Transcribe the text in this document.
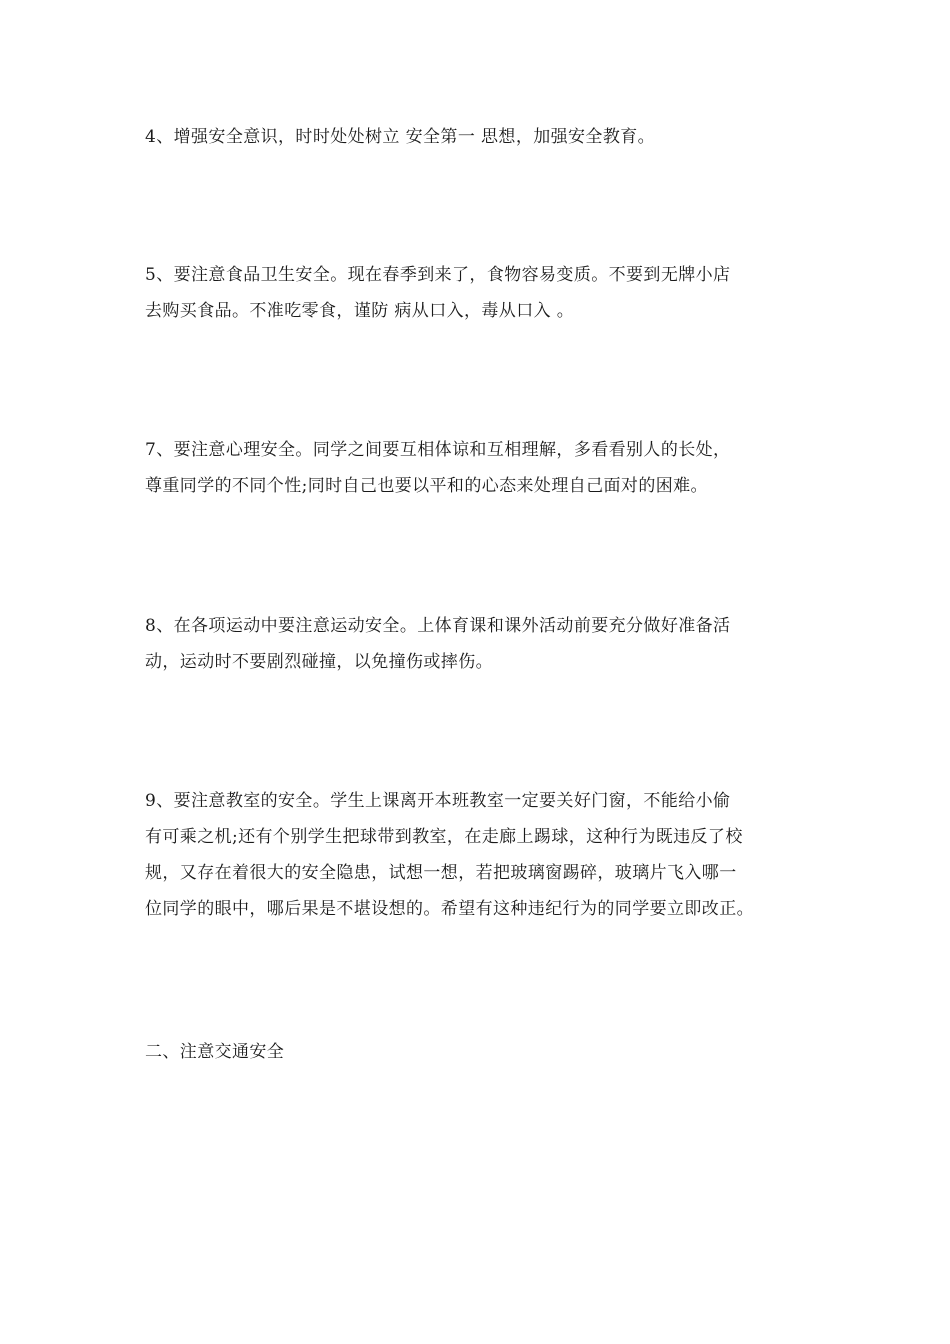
4、增强安全意识，时时处处树立 安全第一 思想，加强安全教育。

5、要注意食品卫生安全。现在春季到来了，食物容易变质。不要到无牌小店
去购买食品。不准吃零食，谨防 病从口入，毒从口入 。

7、要注意心理安全。同学之间要互相体谅和互相理解，多看看别人的长处，
尊重同学的不同个性;同时自己也要以平和的心态来处理自己面对的困难。

8、在各项运动中要注意运动安全。上体育课和课外活动前要充分做好准备活
动，运动时不要剧烈碰撞，以免撞伤或摔伤。

9、要注意教室的安全。学生上课离开本班教室一定要关好门窗，不能给小偷
有可乘之机;还有个别学生把球带到教室，在走廊上踢球，这种行为既违反了校
规，又存在着很大的安全隐患，试想一想，若把玻璃窗踢碎，玻璃片飞入哪一
位同学的眼中，哪后果是不堪设想的。希望有这种违纪行为的同学要立即改正。

二、注意交通安全
